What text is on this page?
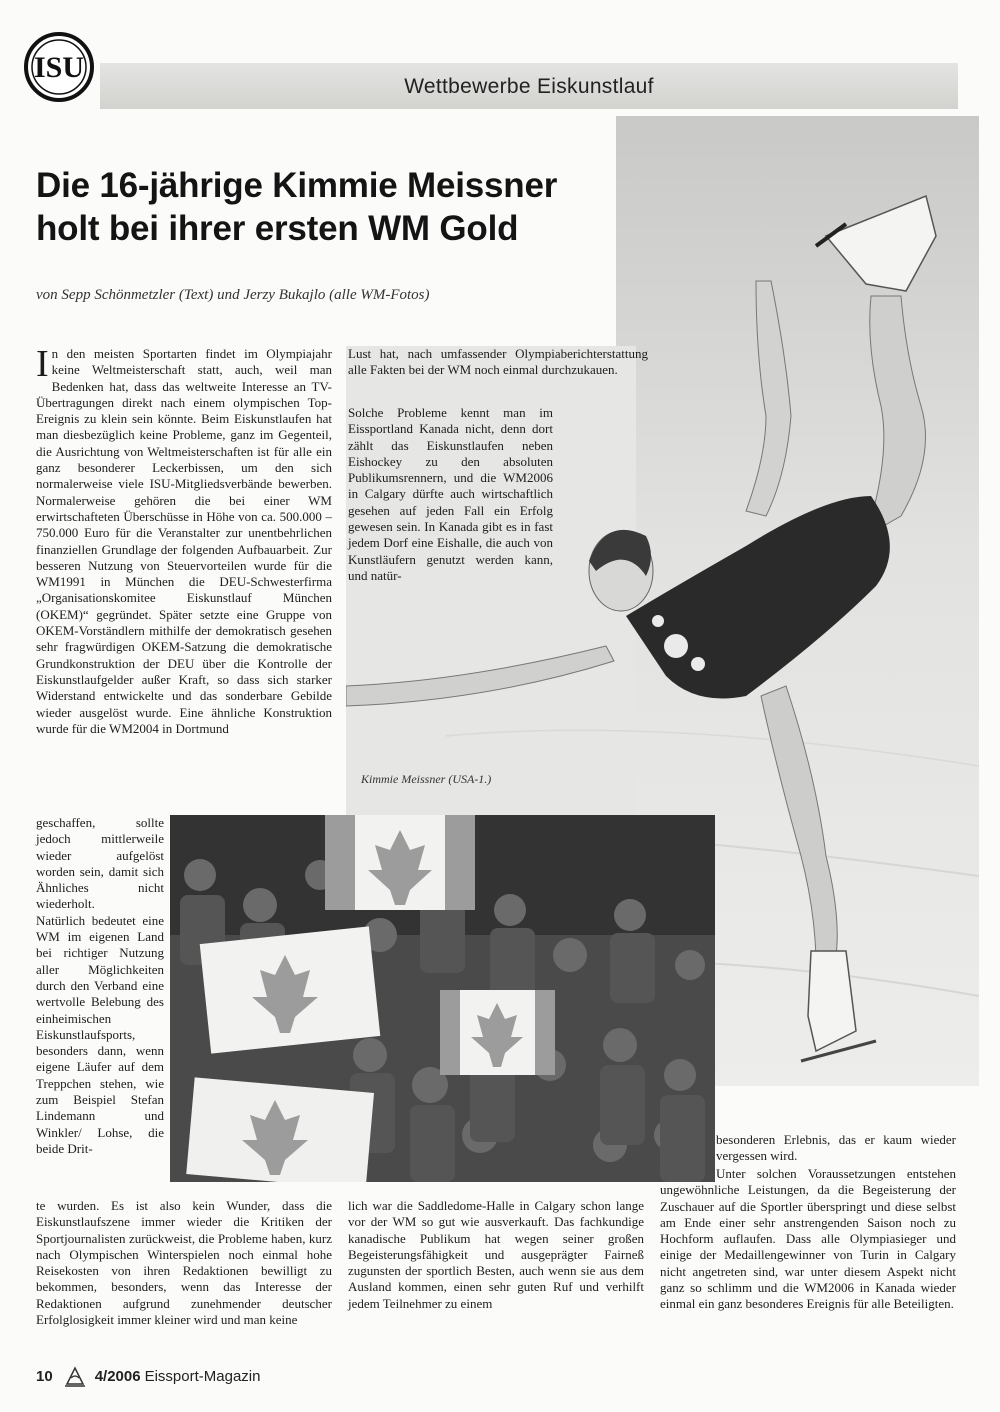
ISU
Wettbewerbe Eiskunstlauf
Die 16-jährige Kimmie Meissner
holt bei ihrer ersten WM Gold
von Sepp Schönmetzler (Text) und Jerzy Bukajlo (alle WM-Fotos)

In den meisten Sportarten findet im Olympiajahr keine Weltmeisterschaft statt, auch, weil man Bedenken hat, dass das weltweite Interesse an TV-Übertragungen direkt nach einem olympischen Top-Ereignis zu klein sein könnte. Beim Eiskunstlaufen hat man diesbezüglich keine Probleme, ganz im Gegenteil, die Ausrichtung von Weltmeisterschaften ist für alle ein ganz besonderer Leckerbissen, um den sich normalerweise viele ISU-Mitgliedsverbände bewerben. Normalerweise gehören die bei einer WM erwirtschafteten Überschüsse in Höhe von ca. 500.000 – 750.000 Euro für die Veranstalter zur unentbehrlichen finanziellen Grundlage der folgenden Aufbauarbeit. Zur besseren Nutzung von Steuervorteilen wurde für die WM1991 in München die DEU-Schwesterfirma „Organisationskomitee Eiskunstlauf München (OKEM)“ gegründet. Später setzte eine Gruppe von OKEM-Vorständlern mithilfe der demokratisch gesehen sehr fragwürdigen OKEM-Satzung die demokratische Grundkonstruktion der DEU über die Kontrolle der Eiskunstlaufgelder außer Kraft, so dass sich starker Widerstand entwickelte und das sonderbare Gebilde wieder ausgelöst wurde. Eine ähnliche Konstruktion wurde für die WM2004 in Dortmund

geschaffen, sollte jedoch mittlerweile wieder aufgelöst worden sein, damit sich Ähnliches nicht wiederholt.

Natürlich bedeutet eine WM im eigenen Land bei richtiger Nutzung aller Möglichkeiten durch den Verband eine wertvolle Belebung des einheimischen Eiskunstlaufsports, besonders dann, wenn eigene Läufer auf dem Treppchen stehen, wie zum Beispiel Stefan Lindemann und Winkler/ Lohse, die beide Drit-

te wurden. Es ist also kein Wunder, dass die Eiskunstlaufszene immer wieder die Kritiken der Sportjournalisten zurückweist, die Probleme haben, kurz nach Olympischen Winterspielen noch einmal hohe Reisekosten von ihren Redaktionen bewilligt zu bekommen, besonders, wenn das Interesse der Redaktionen aufgrund zunehmender deutscher Erfolglosigkeit immer kleiner wird und man keine

Lust hat, nach umfassender Olympiaberichterstattung alle Fakten bei der WM noch einmal durchzukauen.

Solche Probleme kennt man im Eissportland Kanada nicht, denn dort zählt das Eiskunstlaufen neben Eishockey zu den absoluten Publikumsrennern, und die WM2006 in Calgary dürfte auch wirtschaftlich gesehen auf jeden Fall ein Erfolg gewesen sein. In Kanada gibt es in fast jedem Dorf eine Eishalle, die auch von Kunstläufern genutzt werden kann, und natür-

Kimmie Meissner (USA-1.)

lich war die Saddledome-Halle in Calgary schon lange vor der WM so gut wie ausverkauft. Das fachkundige kanadische Publikum hat wegen seiner großen Begeisterungsfähigkeit und ausgeprägter Fairneß zugunsten der sportlich Besten, auch wenn sie aus dem Ausland kommen, einen sehr guten Ruf und verhilft jedem Teilnehmer zu einem

besonderen Erlebnis, das er kaum wieder vergessen wird.

Unter solchen Voraussetzungen entstehen ungewöhnliche Leistungen, da die Begeisterung der Zuschauer auf die Sportler überspringt und diese selbst am Ende einer sehr anstrengenden Saison noch zu Hochform auflaufen. Dass alle Olympiasieger und einige der Medaillengewinner von Turin in Calgary nicht angetreten sind, war unter diesem Aspekt nicht ganz so schlimm und die WM2006 in Kanada wieder einmal ein ganz besonderes Ereignis für alle Beteiligten.

10	4/2006 Eissport-Magazin
